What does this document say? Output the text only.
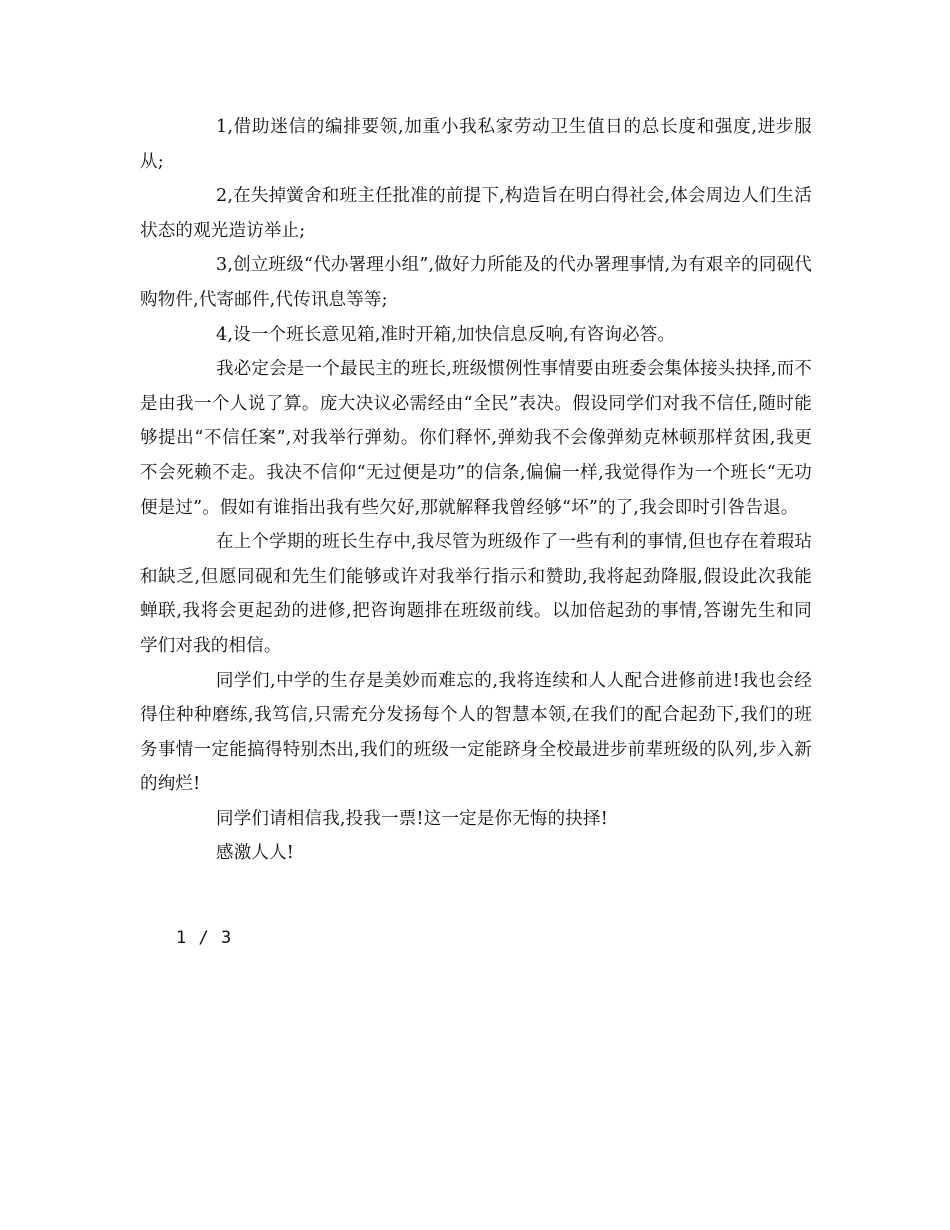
1,借助迷信的编排要领,加重小我私家劳动卫生值日的总长度和强度,进步服从;

2,在失掉黉舍和班主任批准的前提下,构造旨在明白得社会,体会周边人们生活状态的观光造访举止;

3,创立班级“代办署理小组”,做好力所能及的代办署理事情,为有艰辛的同砚代购物件,代寄邮件,代传讯息等等;

4,设一个班长意见箱,准时开箱,加快信息反响,有咨询必答。

我必定会是一个最民主的班长,班级惯例性事情要由班委会集体接头抉择,而不是由我一个人说了算。庞大决议必需经由“全民”表决。假设同学们对我不信任,随时能够提出“不信任案”,对我举行弹劾。你们释怀,弹劾我不会像弹劾克林顿那样贫困,我更不会死赖不走。我决不信仰“无过便是功”的信条,偏偏一样,我觉得作为一个班长“无功便是过”。假如有谁指出我有些欠好,那就解释我曾经够“坏”的了,我会即时引咎告退。

在上个学期的班长生存中,我尽管为班级作了一些有利的事情,但也存在着瑕玷和缺乏,但愿同砚和先生们能够或许对我举行指示和赞助,我将起劲降服,假设此次我能蝉联,我将会更起劲的进修,把咨询题排在班级前线。以加倍起劲的事情,答谢先生和同学们对我的相信。

同学们,中学的生存是美妙而难忘的,我将连续和人人配合进修前进!我也会经得住种种磨练,我笃信,只需充分发扬每个人的智慧本领,在我们的配合起劲下,我们的班务事情一定能搞得特别杰出,我们的班级一定能跻身全校最进步前辈班级的队列,步入新的绚烂!

同学们请相信我,投我一票!这一定是你无悔的抉择!

感激人人!

1 / 3
